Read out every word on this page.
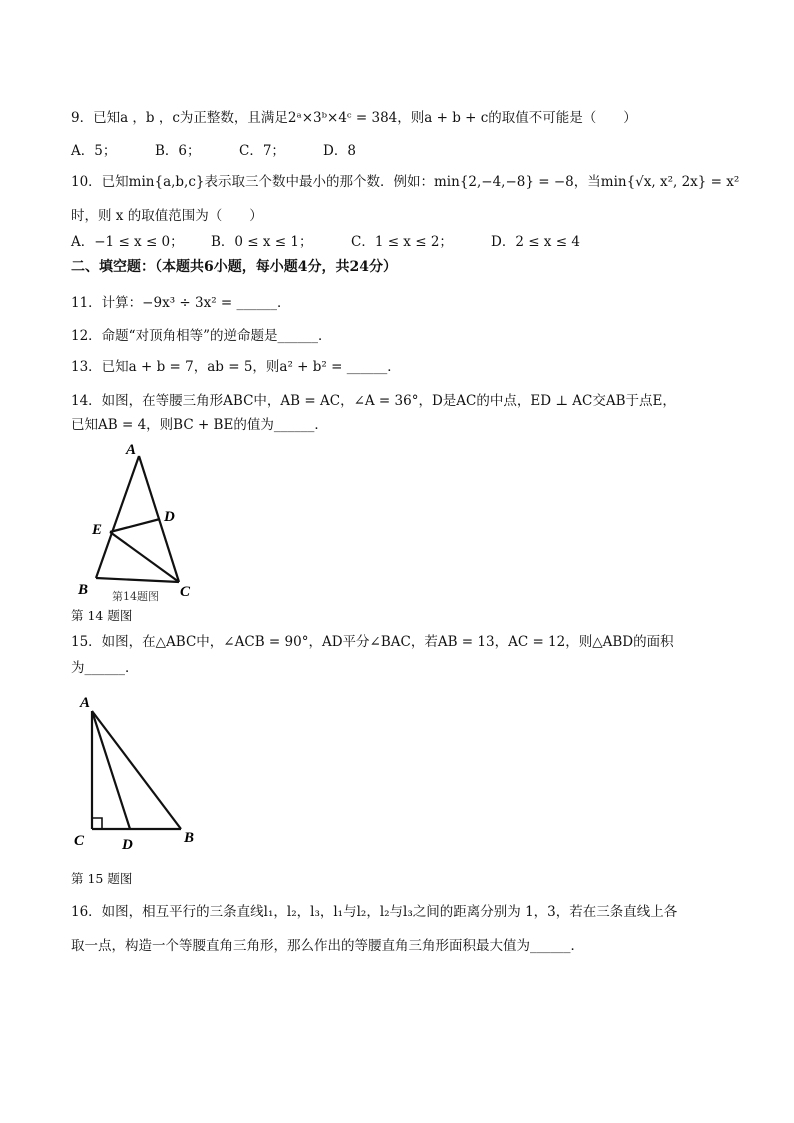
9．已知a ，b ，c为正整数，且满足2ᵃ×3ᵇ×4ᶜ = 384，则a + b + c的取值不可能是（　　）
A．5；	B．6；	C．7；	D．8
10．已知min{a,b,c}表示取三个数中最小的那个数．例如：min{2,−4,−8} = −8，当min{√x, x², 2x} = x²
时，则 x 的取值范围为（　　）
A．−1 ≤ x ≤ 0； B．0 ≤ x ≤ 1；	C．1 ≤ x ≤ 2；	D．2 ≤ x ≤ 4
二、填空题：（本题共6小题，每小题4分，共24分）
11．计算：−9x³ ÷ 3x² = ______．
12．命题“对顶角相等”的逆命题是______．
13．已知a + b = 7，ab = 5，则a² + b² = ______．
14．如图，在等腰三角形ABC中，AB = AC，∠A = 36°，D是AC的中点，ED ⊥ AC交AB于点E，
已知AB = 4，则BC + BE的值为______．
A
D
E
B	C
第14题图
A
C	D	B
第 14 题图
15．如图，在△ABC中，∠ACB = 90°，AD平分∠BAC，若AB = 13，AC = 12，则△ABD的面积
为______．
第 15 题图
16．如图，相互平行的三条直线l₁，l₂，l₃，l₁与l₂，l₂与l₃之间的距离分别为 1，3，若在三条直线上各
取一点，构造一个等腰直角三角形，那么作出的等腰直角三角形面积最大值为______．
